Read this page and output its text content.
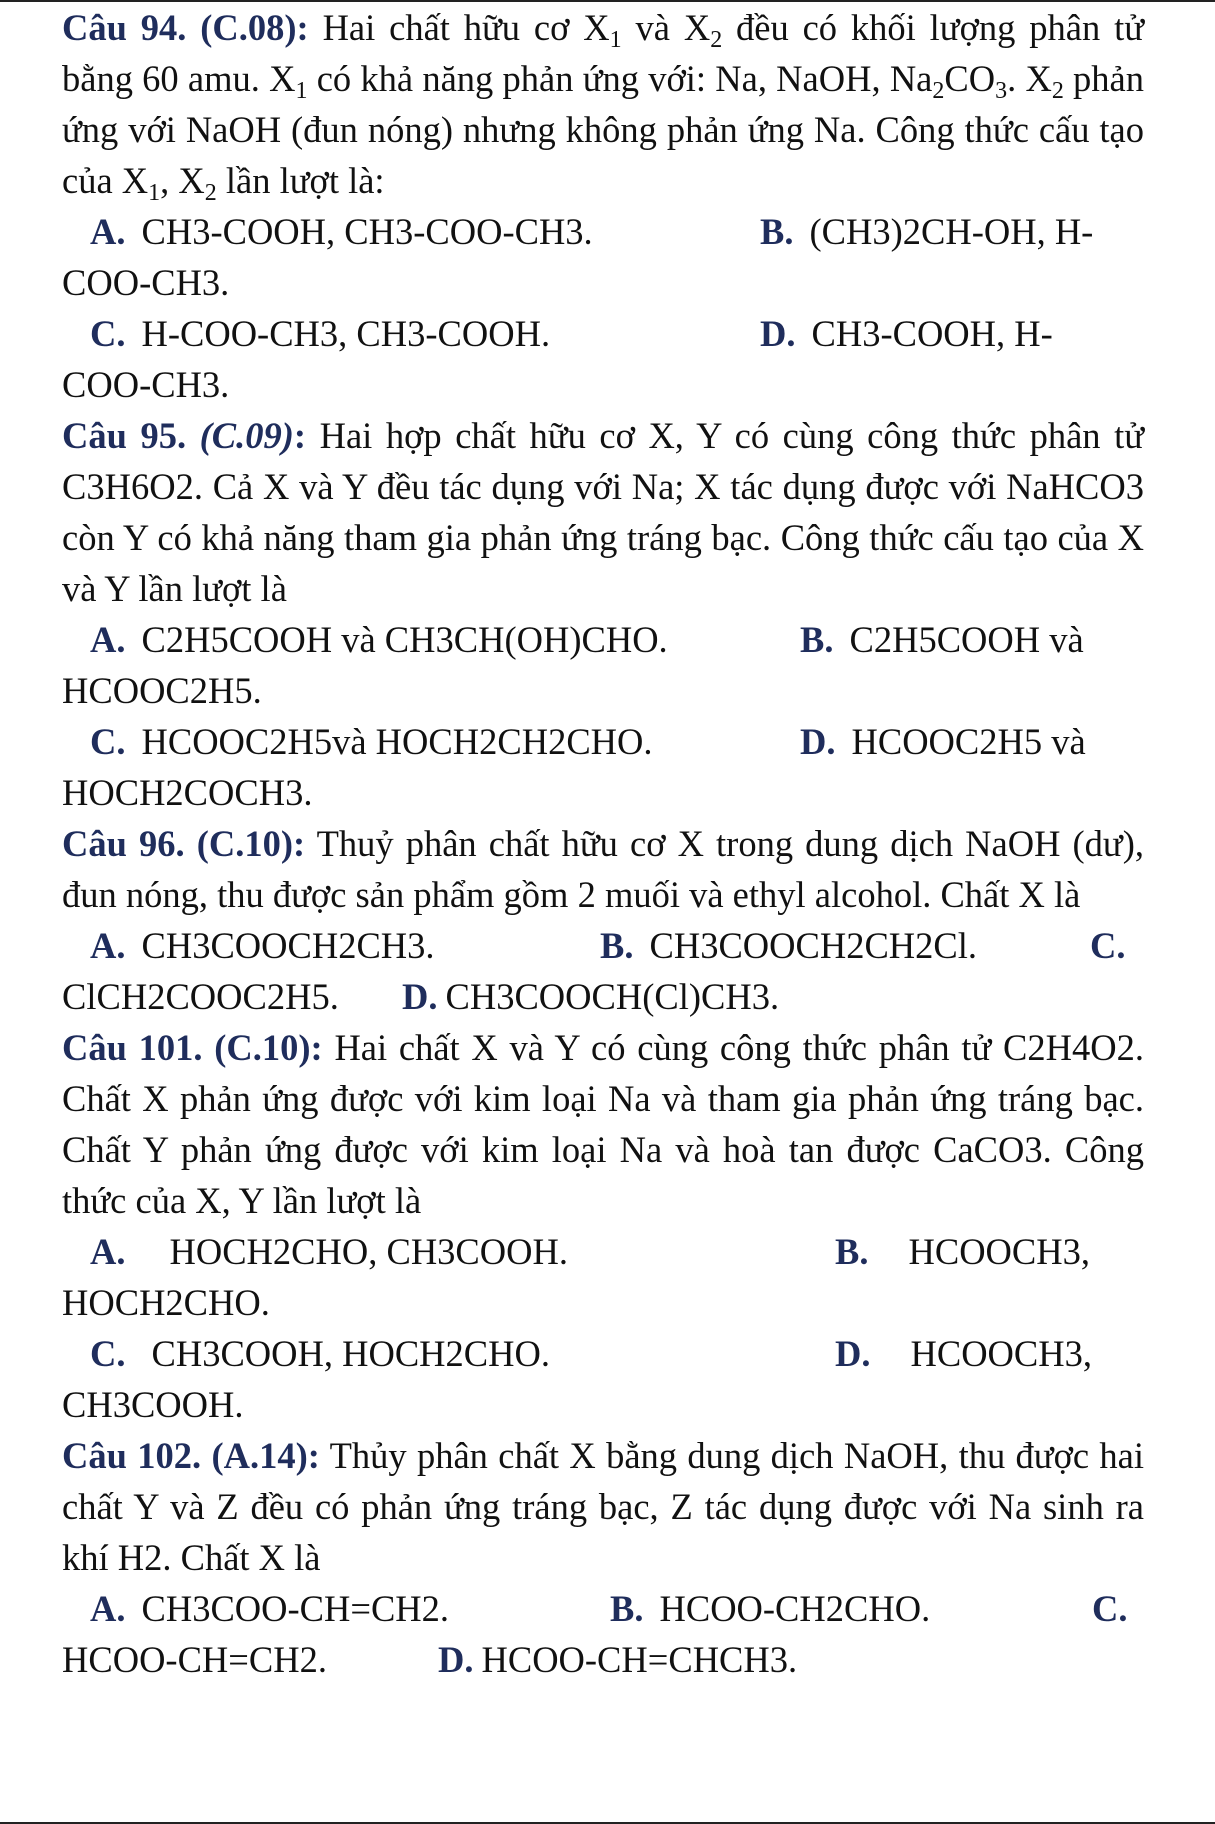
Câu 94. (C.08): Hai chất hữu cơ $X_1$ và $X_2$ đều có khối lượng phân tử bằng 60 amu. $X_1$ có khả năng phản ứng với: Na, NaOH, $Na_2CO_3$. $X_2$ phản ứng với NaOH (đun nóng) nhưng không phản ứng Na. Công thức cấu tạo của $X_1$, $X_2$ lần lượt là:

A. CH3-COOH, CH3-COO-CH3.	B. (CH3)2CH-OH, H-
COO-CH3.
C. H-COO-CH3, CH3-COOH.	D. CH3-COOH, H-
COO-CH3.

Câu 95. (C.09): Hai hợp chất hữu cơ X, Y có cùng công thức phân tử C3H6O2. Cả X và Y đều tác dụng với Na; X tác dụng được với NaHCO3 còn Y có khả năng tham gia phản ứng tráng bạc. Công thức cấu tạo của X và Y lần lượt là

A. C2H5COOH và CH3CH(OH)CHO.	B. C2H5COOH và
HCOOC2H5.
C. HCOOC2H5và HOCH2CH2CHO.	D. HCOOC2H5 và
HOCH2COCH3.

Câu 96. (C.10): Thuỷ phân chất hữu cơ X trong dung dịch NaOH (dư), đun nóng, thu được sản phẩm gồm 2 muối và ethyl alcohol. Chất X là

A. CH3COOCH2CH3.	B. CH3COOCH2CH2Cl.	C.
ClCH2COOC2H5.	D. CH3COOCH(Cl)CH3.

Câu 101. (C.10): Hai chất X và Y có cùng công thức phân tử C2H4O2. Chất X phản ứng được với kim loại Na và tham gia phản ứng tráng bạc. Chất Y phản ứng được với kim loại Na và hoà tan được CaCO3. Công thức của X, Y lần lượt là

A. HOCH2CHO, CH3COOH.	B. HCOOCH3,
HOCH2CHO.
C. CH3COOH, HOCH2CHO.	D. HCOOCH3,
CH3COOH.

Câu 102. (A.14): Thủy phân chất X bằng dung dịch NaOH, thu được hai chất Y và Z đều có phản ứng tráng bạc, Z tác dụng được với Na sinh ra khí H2. Chất X là

A. CH3COO-CH=CH2.	B. HCOO-CH2CHO.	C.
HCOO-CH=CH2.	D. HCOO-CH=CHCH3.
